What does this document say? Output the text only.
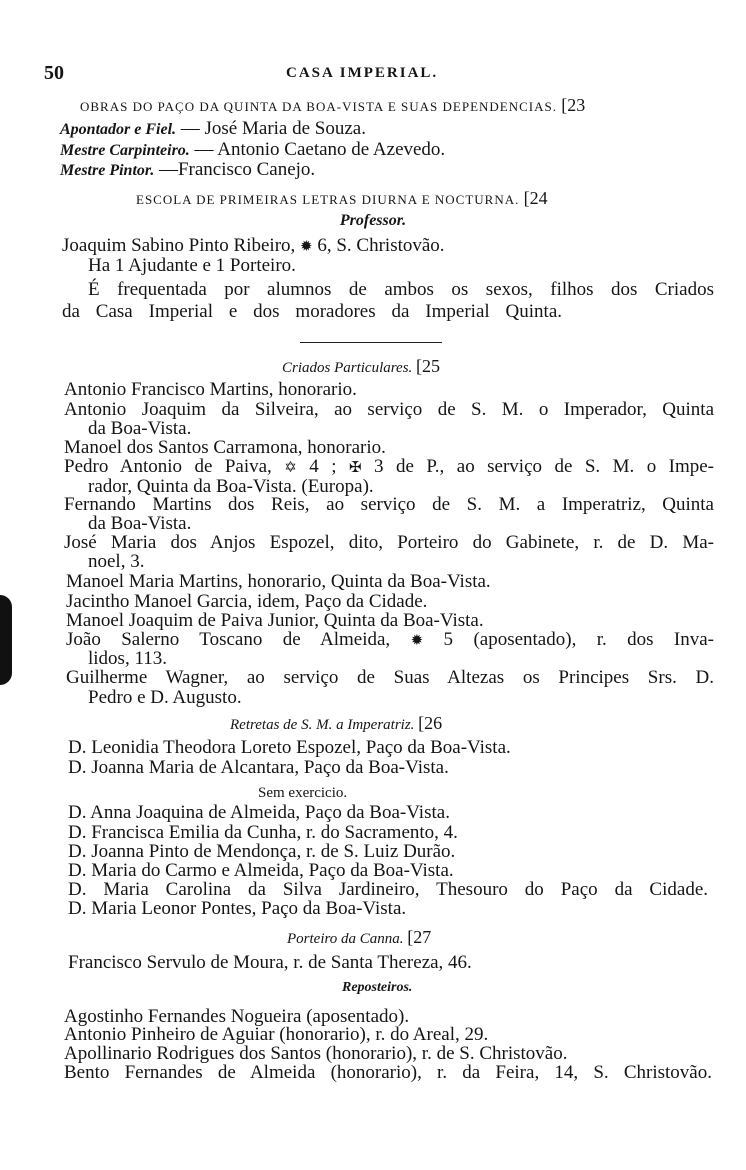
50	CASA IMPERIAL.
OBRAS DO PAÇO DA QUINTA DA BOA-VISTA E SUAS DEPENDENCIAS. [23
Apontador e Fiel. — José Maria de Souza.
Mestre Carpinteiro. — Antonio Caetano de Azevedo.
Mestre Pintor. —Francisco Canejo.
ESCOLA DE PRIMEIRAS LETRAS DIURNA E NOCTURNA. [24
Professor.
Joaquim Sabino Pinto Ribeiro, ✹ 6, S. Christovão.
Ha 1 Ajudante e 1 Porteiro.
É frequentada por alumnos de ambos os sexos, filhos dos Criados
da Casa Imperial e dos moradores da Imperial Quinta.
Criados Particulares. [25
Antonio Francisco Martins, honorario.
Antonio Joaquim da Silveira, ao serviço de S. M. o Imperador, Quinta
da Boa-Vista.
Manoel dos Santos Carramona, honorario.
Pedro Antonio de Paiva, ✡ 4 ; ✠ 3 de P., ao serviço de S. M. o Impe-
rador, Quinta da Boa-Vista. (Europa).
Fernando Martins dos Reis, ao serviço de S. M. a Imperatriz, Quinta
da Boa-Vista.
José Maria dos Anjos Espozel, dito, Porteiro do Gabinete, r. de D. Ma-
noel, 3.
Manoel Maria Martins, honorario, Quinta da Boa-Vista.
Jacintho Manoel Garcia, idem, Paço da Cidade.
Manoel Joaquim de Paiva Junior, Quinta da Boa-Vista.
João Salerno Toscano de Almeida, ✹ 5 (aposentado), r. dos Inva-
lidos, 113.
Guilherme Wagner, ao serviço de Suas Altezas os Principes Srs. D.
Pedro e D. Augusto.
Retretas de S. M. a Imperatriz. [26
D. Leonidia Theodora Loreto Espozel, Paço da Boa-Vista.
D. Joanna Maria de Alcantara, Paço da Boa-Vista.
Sem exercicio.
D. Anna Joaquina de Almeida, Paço da Boa-Vista.
D. Francisca Emilia da Cunha, r. do Sacramento, 4.
D. Joanna Pinto de Mendonça, r. de S. Luiz Durão.
D. Maria do Carmo e Almeida, Paço da Boa-Vista.
D. Maria Carolina da Silva Jardineiro, Thesouro do Paço da Cidade.
D. Maria Leonor Pontes, Paço da Boa-Vista.
Porteiro da Canna. [27
Francisco Servulo de Moura, r. de Santa Thereza, 46.
Reposteiros.
Agostinho Fernandes Nogueira (aposentado).
Antonio Pinheiro de Aguiar (honorario), r. do Areal, 29.
Apollinario Rodrigues dos Santos (honorario), r. de S. Christovão.
Bento Fernandes de Almeida (honorario), r. da Feira, 14, S. Christovão.
